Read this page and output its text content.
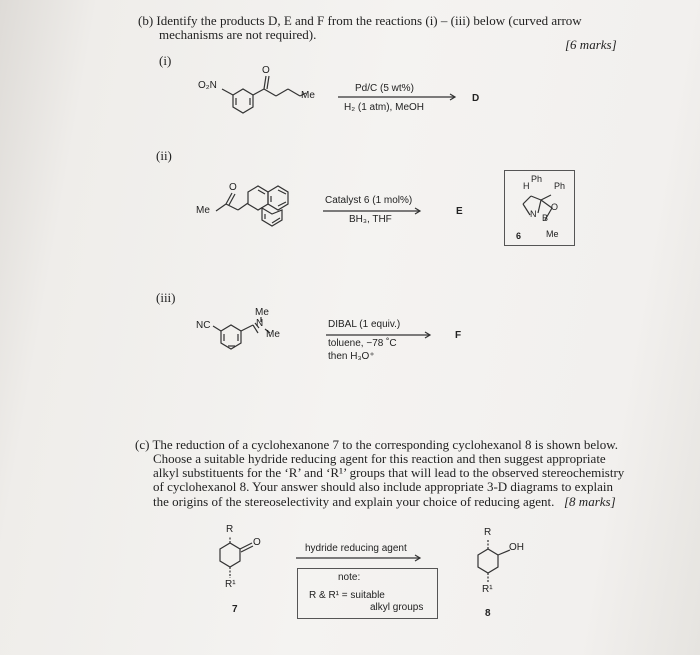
(b) Identify the products D, E and F from the reactions (i) – (iii) below (curved arrow
mechanisms are not required).
[6 marks]
(i)
(ii)
(iii)
O₂N
O
Me
Pd/C (5 wt%)
H₂ (1 atm), MeOH
D
Me
O
Catalyst 6 (1 mol%)
BH₃, THF
E
Ph
Ph
H
O
N B
Me
6
NC
Me
N
Me
DIBAL (1 equiv.)
toluene, −78 ˚C
then H₃O⁺
F
(c) The reduction of a cyclohexanone 7 to the corresponding cyclohexanol 8 is shown below.
Choose a suitable hydride reducing agent for this reaction and then suggest appropriate
alkyl substituents for the ‘R’ and ‘R¹’ groups that will lead to the observed stereochemistry
of cyclohexanol 8. Your answer should also include appropriate 3-D diagrams to explain
the origins of the stereoselectivity and explain your choice of reducing agent. [8 marks]
R
O
R¹
7
hydride reducing agent
note:
R & R¹ = suitable
alkyl groups
R
OH
R¹
8
